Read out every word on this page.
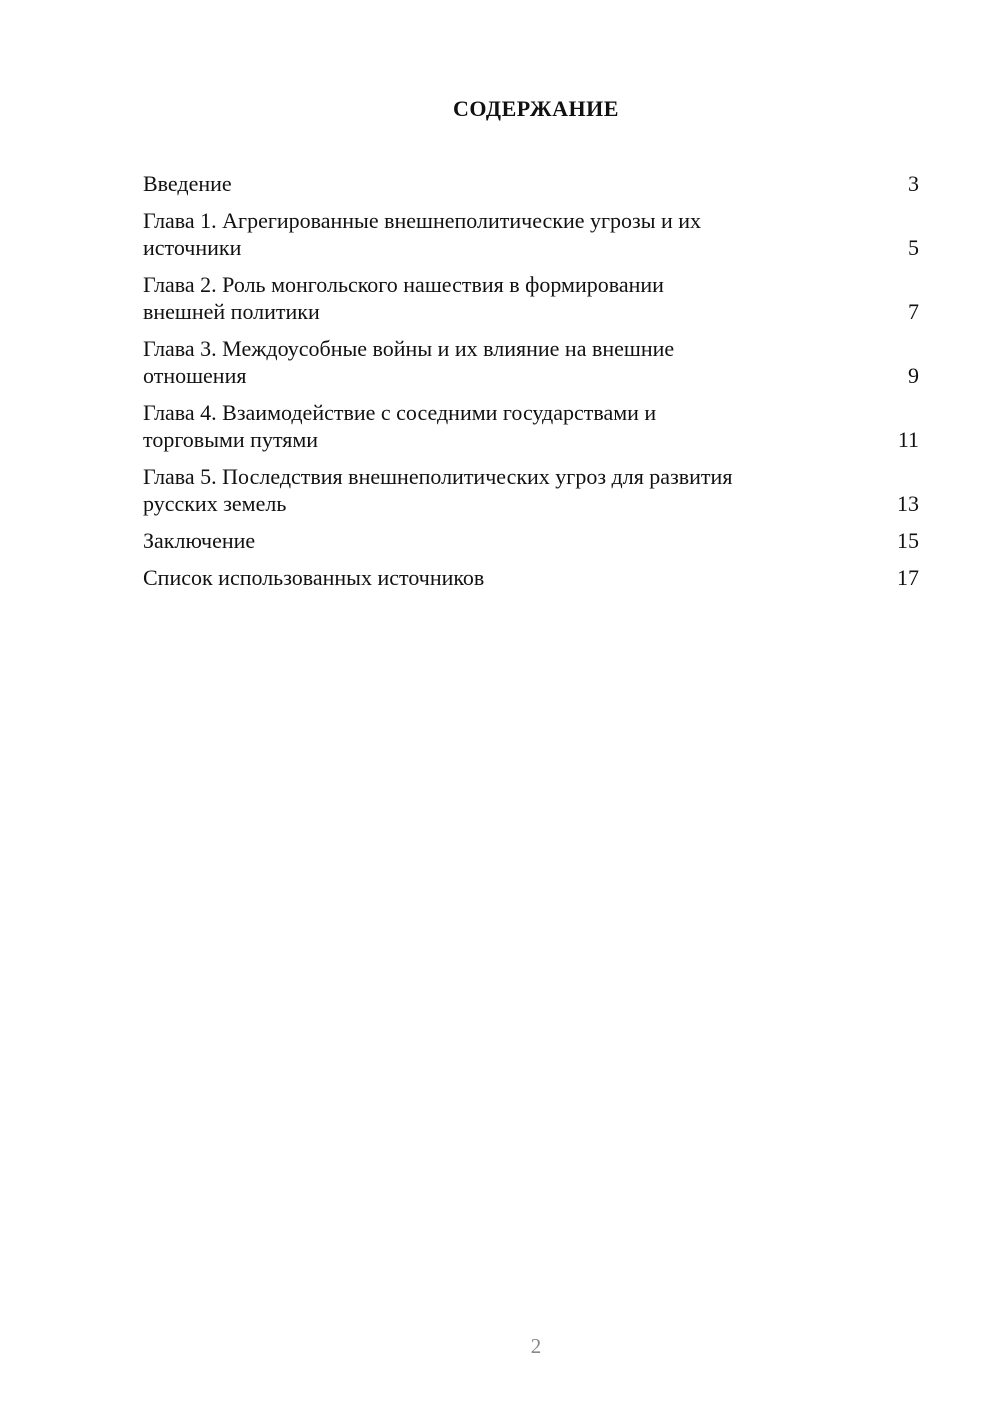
СОДЕРЖАНИЕ
Введение	3
Глава 1. Агрегированные внешнеполитические угрозы и их
источники	5
Глава 2. Роль монгольского нашествия в формировании
внешней политики	7
Глава 3. Междоусобные войны и их влияние на внешние
отношения	9
Глава 4. Взаимодействие с соседними государствами и
торговыми путями	11
Глава 5. Последствия внешнеполитических угроз для развития
русских земель	13
Заключение	15
Список использованных источников	17
2
